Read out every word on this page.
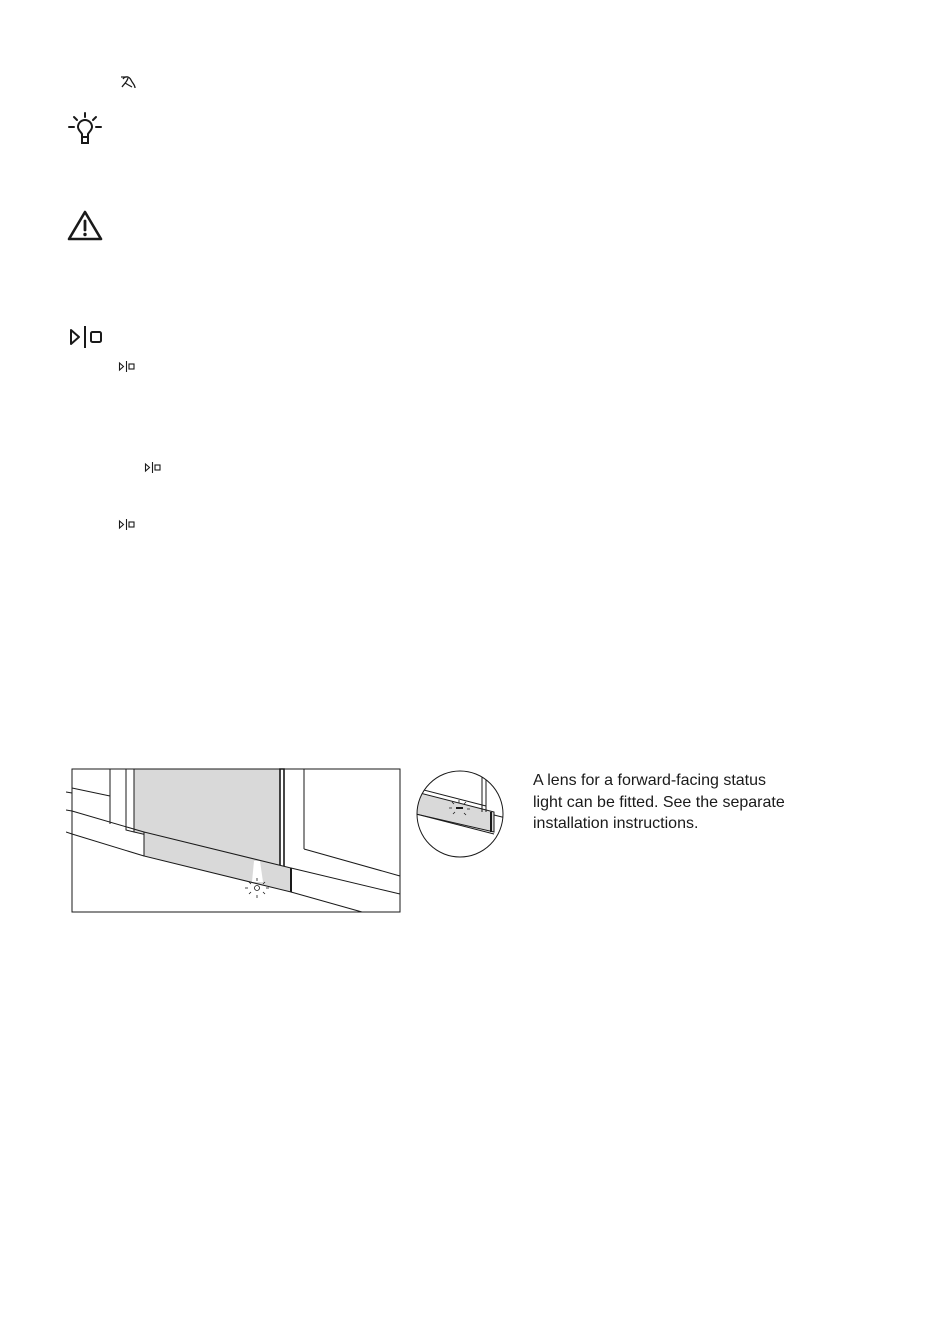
A lens for a forward-facing status
light can be fitted. See the separate
installation instructions.
